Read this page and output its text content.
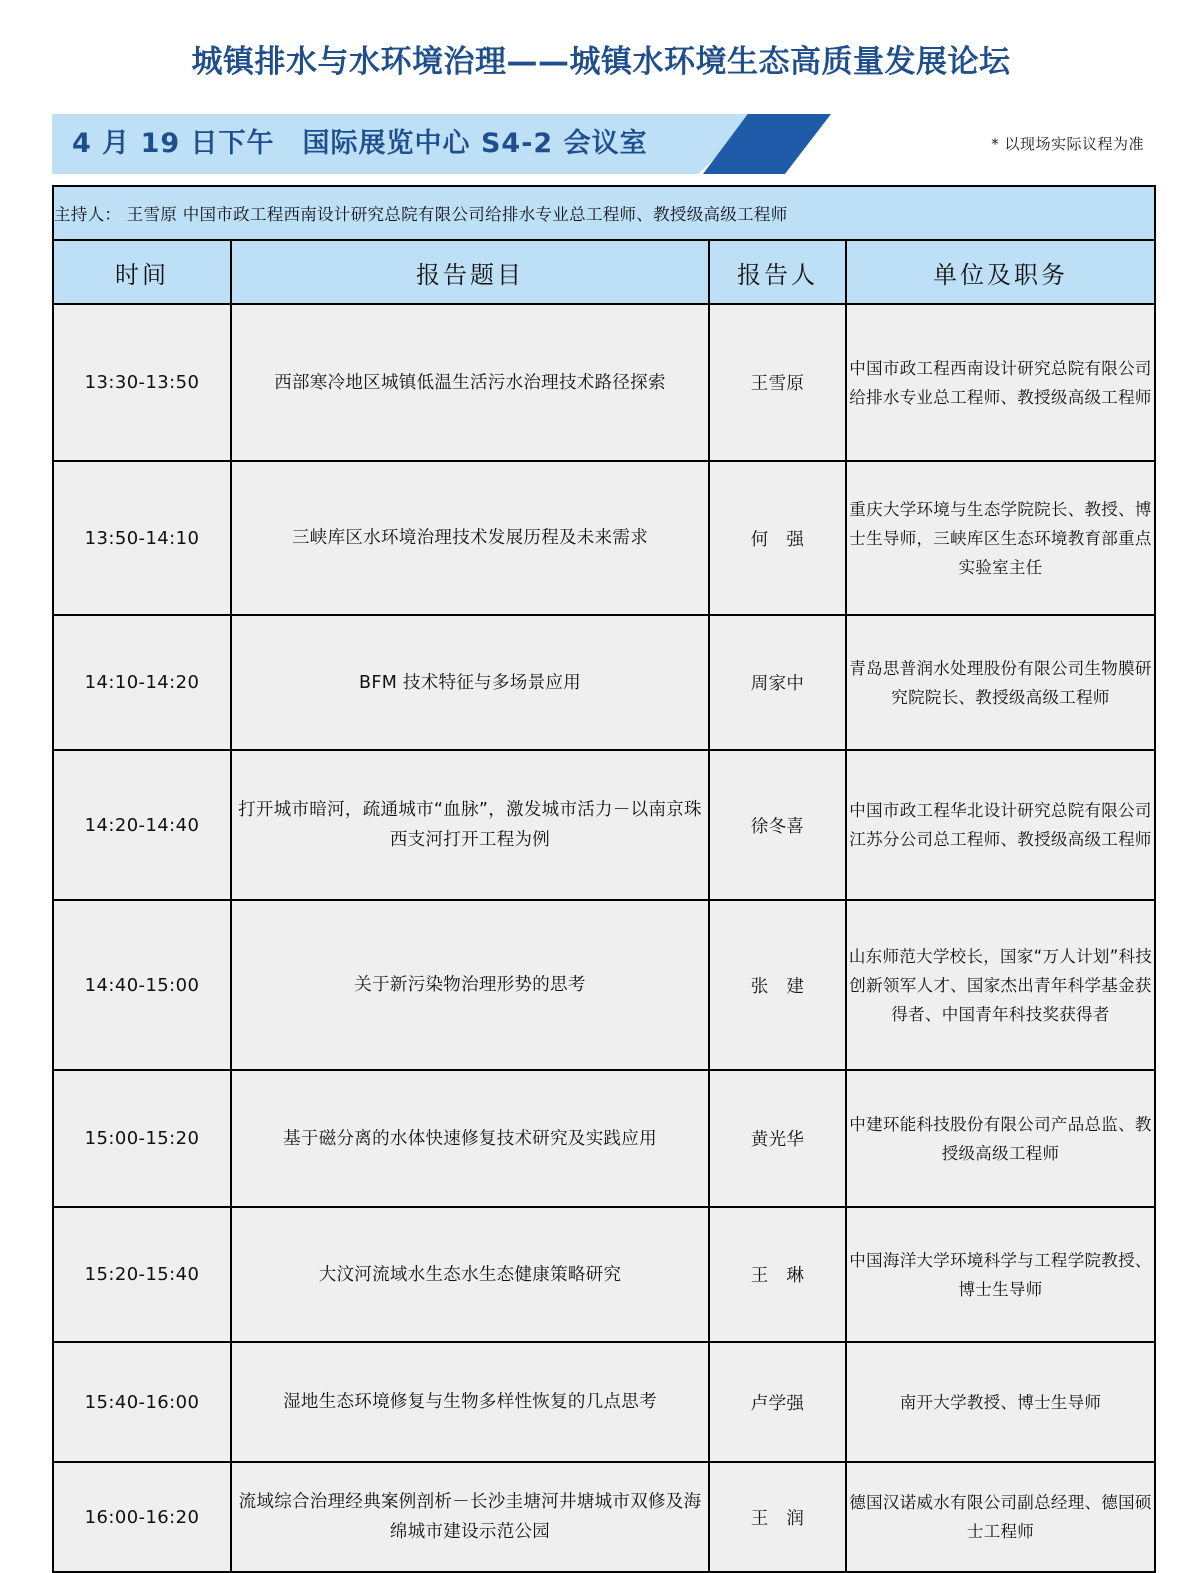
城镇排水与水环境治理——城镇水环境生态高质量发展论坛
4 月 19 日下午　国际展览中心 S4-2 会议室	* 以现场实际议程为准
主持人： 王雪原 中国市政工程西南设计研究总院有限公司给排水专业总工程师、教授级高级工程师			
时间	报告题目	报告人	单位及职务
13:30-13:50	西部寒冷地区城镇低温生活污水治理技术路径探索	王雪原	中国市政工程西南设计研究总院有限公司给排水专业总工程师、教授级高级工程师
13:50-14:10	三峡库区水环境治理技术发展历程及未来需求	何　强	重庆大学环境与生态学院院长、教授、博士生导师，三峡库区生态环境教育部重点实验室主任
14:10-14:20	BFM 技术特征与多场景应用	周家中	青岛思普润水处理股份有限公司生物膜研究院院长、教授级高级工程师
14:20-14:40	打开城市暗河，疏通城市“血脉”，激发城市活力－以南京珠西支河打开工程为例	徐冬喜	中国市政工程华北设计研究总院有限公司江苏分公司总工程师、教授级高级工程师
14:40-15:00	关于新污染物治理形势的思考	张　建	山东师范大学校长，国家“万人计划”科技创新领军人才、国家杰出青年科学基金获得者、中国青年科技奖获得者
15:00-15:20	基于磁分离的水体快速修复技术研究及实践应用	黄光华	中建环能科技股份有限公司产品总监、教授级高级工程师
15:20-15:40	大汶河流域水生态水生态健康策略研究	王　琳	中国海洋大学环境科学与工程学院教授、博士生导师
15:40-16:00	湿地生态环境修复与生物多样性恢复的几点思考	卢学强	南开大学教授、博士生导师
16:00-16:20	流域综合治理经典案例剖析－长沙圭塘河井塘城市双修及海绵城市建设示范公园	王　润	德国汉诺威水有限公司副总经理、德国硕士工程师
